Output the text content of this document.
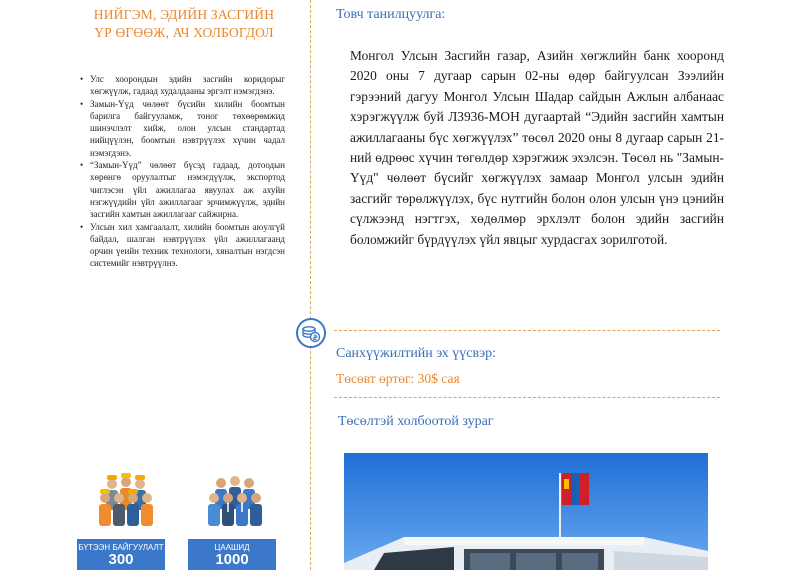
НИЙГЭМ, ЭДИЙН ЗАСГИЙН
ҮР ӨГӨӨЖ, АЧ ХОЛБОГДОЛ
• Улс хоорондын эдийн засгийн коридорыг хөгжүүлж, гадаад худалдааны эргэлт нэмэгдэнэ.
• Замын-Үүд чөлөөт бүсийн хилийн боомтын барилга байгууламж, тоног төхөөрөмжид шинэчлэлт хийж, олон улсын стандартад нийцүүлэн, боомтын нэвтрүүлэх хүчин чадал нэмэгдэнэ.
• “Замын-Үүд” чөлөөт бүсэд гадаад, дотоодын хөрөнгө оруулалтыг нэмэгдүүлж, экспортод чиглэсэн үйл ажиллагаа явуулах аж ахуйн нэгжүүдийн үйл ажиллагааг эрчимжүүлж, эдийн засгийн хамтын ажиллагааг сайжирна.
• Улсын хил хамгаалалт, хилийн боомтын аюулгүй байдал, шалган нэвтрүүлэх үйл ажиллагаанд орчин үеийн техник технологи, хяналтын нэгдсэн системийг нэвтрүүлнэ.
БҮТЭЭН БАЙГУУЛАЛТ
300
ЦААШИД
1000
Товч танилцуулга:
Монгол Улсын Засгийн газар, Азийн хөгжлийн банк хооронд 2020 оны 7 дугаар сарын 02-ны өдөр байгуулсан Зээлийн гэрээний дагуу Монгол Улсын Шадар сайдын Ажлын албанаас хэрэгжүүлж буй Л3936-МОН дугаартай “Эдийн засгийн хамтын ажиллагааны бүс хөгжүүлэх” төсөл 2020 оны 8 дугаар сарын 21-ний өдрөөс хүчин төгөлдөр хэрэгжиж эхэлсэн. Төсөл нь "Замын-Үүд" чөлөөт бүсийг хөгжүүлэх замаар Монгол улсын эдийн засгийг төрөлжүүлэх, бүс нутгийн болон олон улсын үнэ цэнийн сүлжээнд нэгтгэх, хөдөлмөр эрхлэлт болон эдийн засгийн боломжийг бүрдүүлэх үйл явцыг хурдасгах зорилготой.
Санхүүжилтийн эх үүсвэр:
Төсөвт өртөг: 30$ сая
Төсөлтэй холбоотой зураг
